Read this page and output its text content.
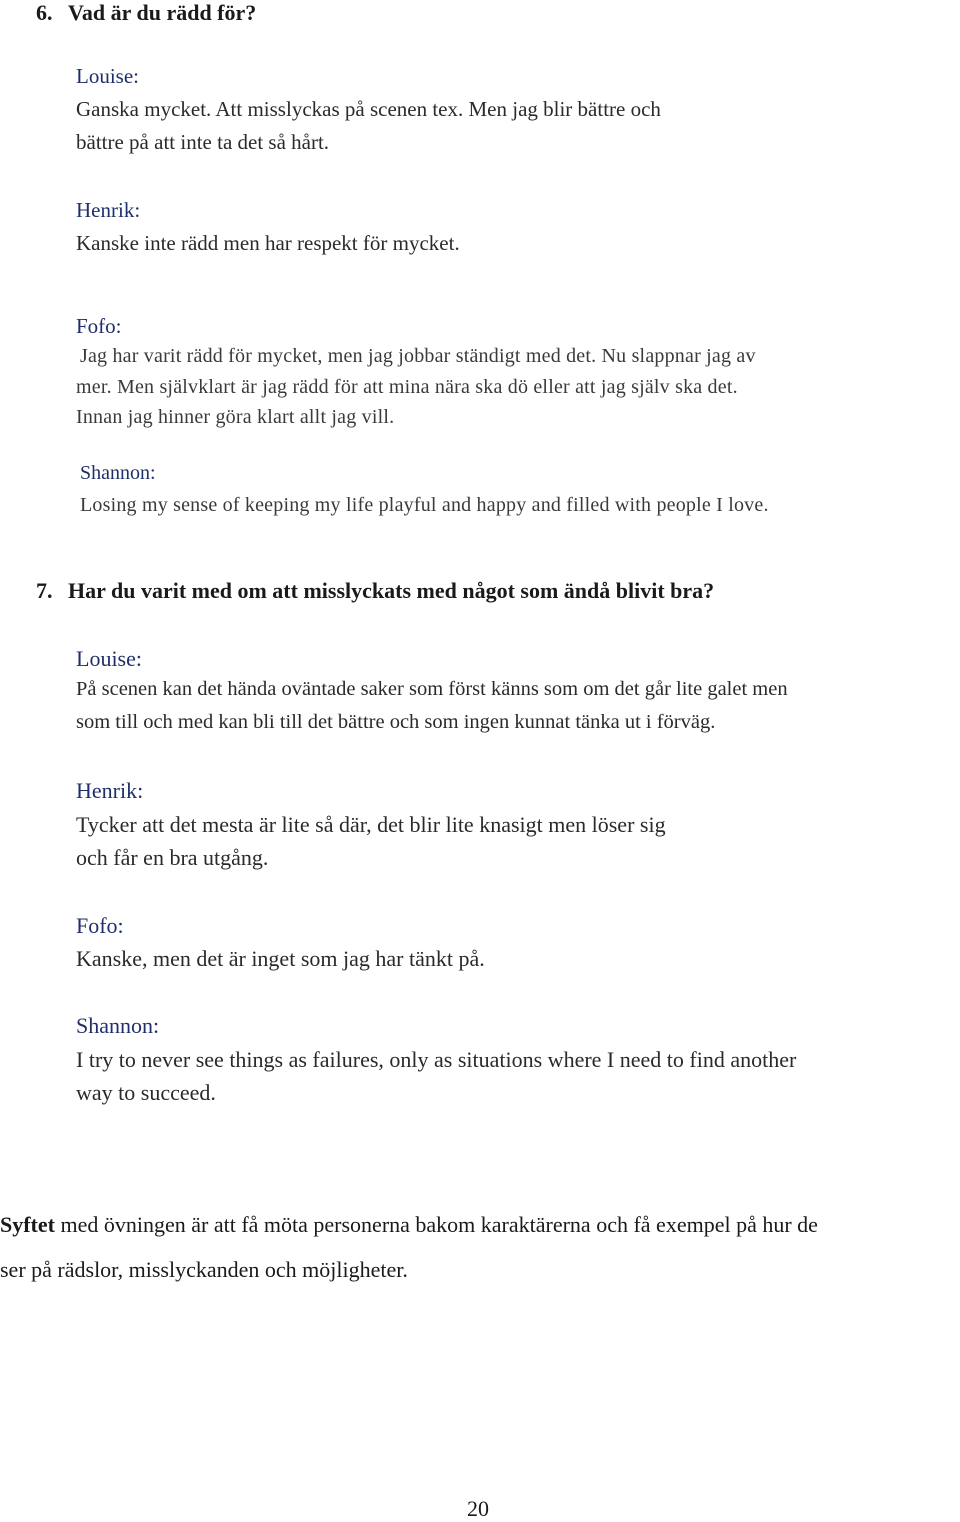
6. Vad är du rädd för?
Louise:
Ganska mycket. Att misslyckas på scenen tex. Men jag blir bättre och
bättre på att inte ta det så hårt.
Henrik:
Kanske inte rädd men har respekt för mycket.
Fofo:
Jag har varit rädd för mycket, men jag jobbar ständigt med det. Nu slappnar jag av
mer. Men självklart är jag rädd för att mina nära ska dö eller att jag själv ska det.
Innan jag hinner göra klart allt jag vill.
Shannon:
Losing my sense of keeping my life playful and happy and filled with people I love.
7. Har du varit med om att misslyckats med något som ändå blivit bra?
Louise:
På scenen kan det hända oväntade saker som först känns som om det går lite galet men
som till och med kan bli till det bättre och som ingen kunnat tänka ut i förväg.
Henrik:
Tycker att det mesta är lite så där, det blir lite knasigt men löser sig
och får en bra utgång.
Fofo:
Kanske, men det är inget som jag har tänkt på.
Shannon:
I try to never see things as failures, only as situations where I need to find another
way to succeed.
Syftet med övningen är att få möta personerna bakom karaktärerna och få exempel på hur de
ser på rädslor, misslyckanden och möjligheter.
20
